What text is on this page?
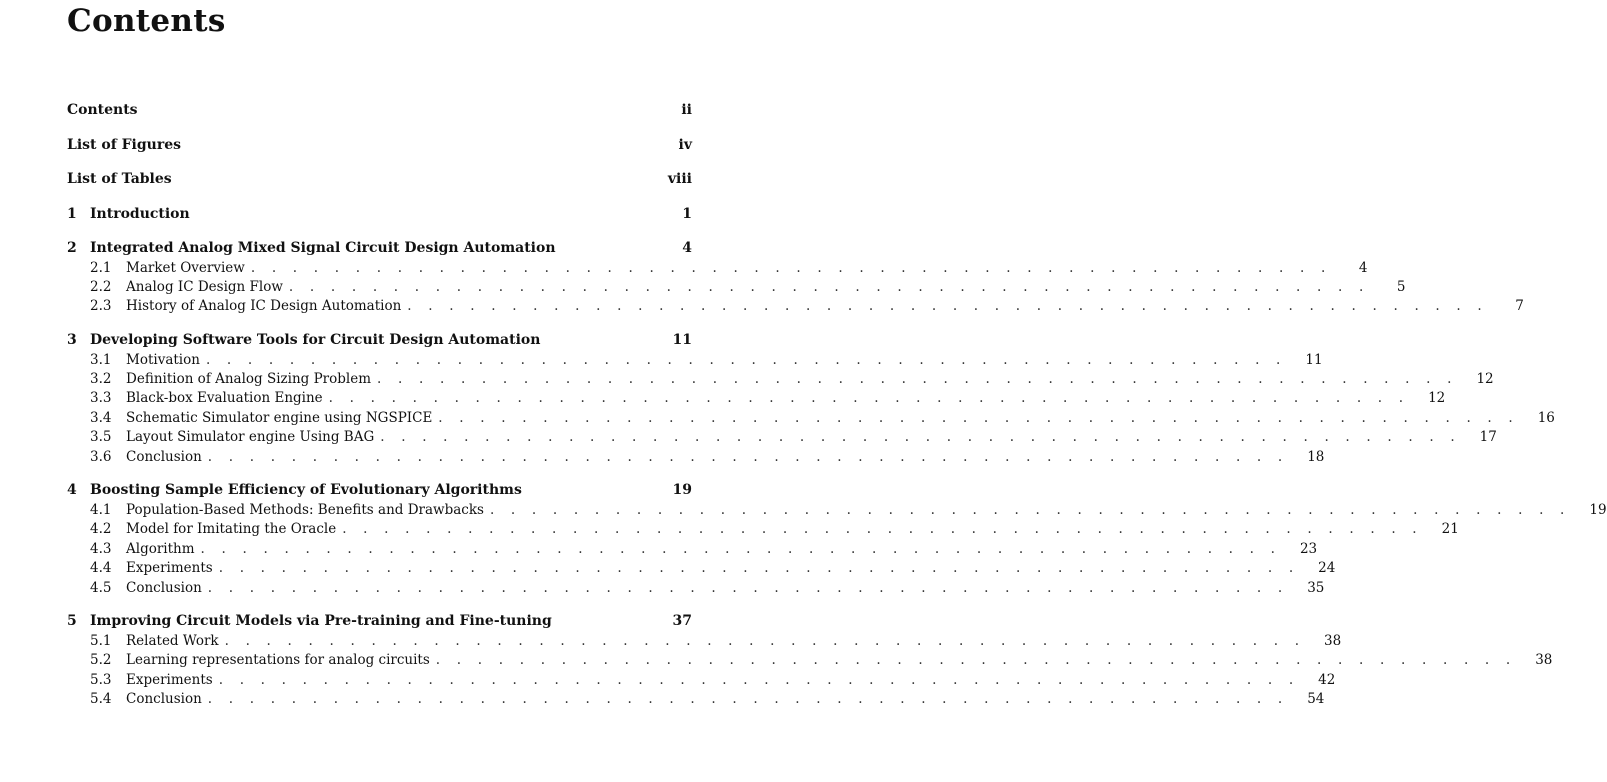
Contents
Contents	ii
List of Figures	iv
List of Tables	viii
1 Introduction	1
2 Integrated Analog Mixed Signal Circuit Design Automation	4
2.1	Market Overview . . . . . . . . . . . . . . . . . . . . . . . . . . . . . . . . . . . . . . . . . . . . . . . . . . . .	4
2.2	Analog IC Design Flow . . . . . . . . . . . . . . . . . . . . . . . . . . . . . . . . . . . . . . . . . . . . . . . . . . . .	5
2.3	History of Analog IC Design Automation . . . . . . . . . . . . . . . . . . . . . . . . . . . . . . . . . . . . . . . . . . . . . . . . . . . .	7
3 Developing Software Tools for Circuit Design Automation	11
3.1	Motivation . . . . . . . . . . . . . . . . . . . . . . . . . . . . . . . . . . . . . . . . . . . . . . . . . . . .	11
3.2	Definition of Analog Sizing Problem . . . . . . . . . . . . . . . . . . . . . . . . . . . . . . . . . . . . . . . . . . . . . . . . . . . .	12
3.3	Black-box Evaluation Engine . . . . . . . . . . . . . . . . . . . . . . . . . . . . . . . . . . . . . . . . . . . . . . . . . . . .	12
3.4	Schematic Simulator engine using NGSPICE . . . . . . . . . . . . . . . . . . . . . . . . . . . . . . . . . . . . . . . . . . . . . . . . . . . .	16
3.5	Layout Simulator engine Using BAG . . . . . . . . . . . . . . . . . . . . . . . . . . . . . . . . . . . . . . . . . . . . . . . . . . . .	17
3.6	Conclusion . . . . . . . . . . . . . . . . . . . . . . . . . . . . . . . . . . . . . . . . . . . . . . . . . . . .	18
4 Boosting Sample Efficiency of Evolutionary Algorithms	19
4.1	Population-Based Methods: Benefits and Drawbacks . . . . . . . . . . . . . . . . . . . . . . . . . . . . . . . . . . . . . . . . . . . . . . . . . . . .	19
4.2	Model for Imitating the Oracle . . . . . . . . . . . . . . . . . . . . . . . . . . . . . . . . . . . . . . . . . . . . . . . . . . . .	21
4.3	Algorithm . . . . . . . . . . . . . . . . . . . . . . . . . . . . . . . . . . . . . . . . . . . . . . . . . . . .	23
4.4	Experiments . . . . . . . . . . . . . . . . . . . . . . . . . . . . . . . . . . . . . . . . . . . . . . . . . . . .	24
4.5	Conclusion . . . . . . . . . . . . . . . . . . . . . . . . . . . . . . . . . . . . . . . . . . . . . . . . . . . .	35
5 Improving Circuit Models via Pre-training and Fine-tuning	37
5.1	Related Work . . . . . . . . . . . . . . . . . . . . . . . . . . . . . . . . . . . . . . . . . . . . . . . . . . . .	38
5.2	Learning representations for analog circuits . . . . . . . . . . . . . . . . . . . . . . . . . . . . . . . . . . . . . . . . . . . . . . . . . . . .	38
5.3	Experiments . . . . . . . . . . . . . . . . . . . . . . . . . . . . . . . . . . . . . . . . . . . . . . . . . . . .	42
5.4	Conclusion . . . . . . . . . . . . . . . . . . . . . . . . . . . . . . . . . . . . . . . . . . . . . . . . . . . .	54
